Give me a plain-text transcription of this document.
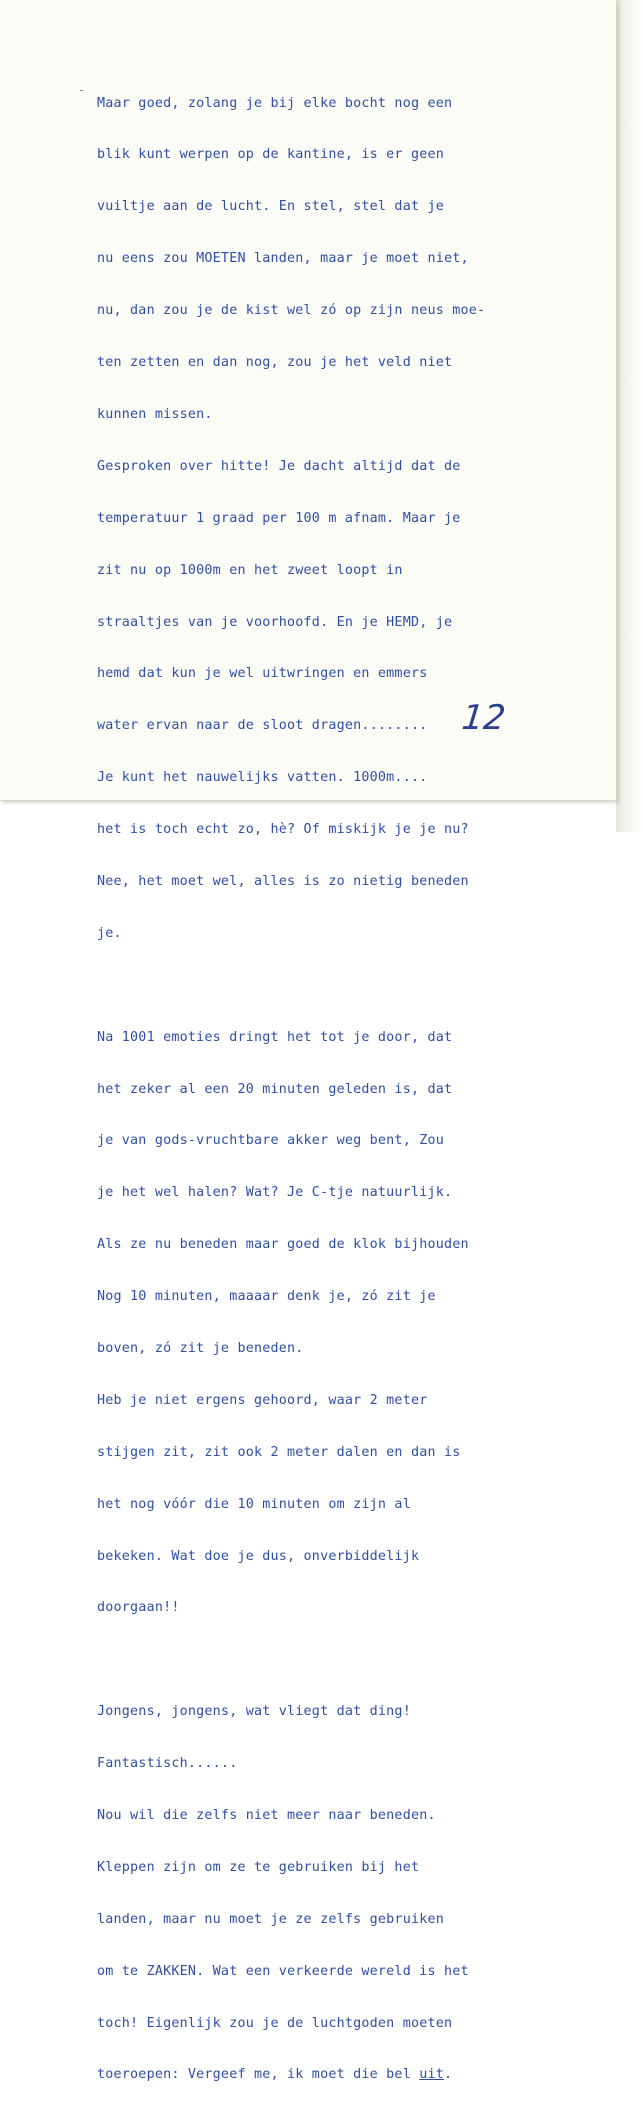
-

Maar goed, zolang je bij elke bocht nog een

blik kunt werpen op de kantine, is er geen

vuiltje aan de lucht. En stel, stel dat je

nu eens zou MOETEN landen, maar je moet niet,

nu, dan zou je de kist wel zó op zijn neus moe-

ten zetten en dan nog, zou je het veld niet

kunnen missen.

Gesproken over hitte! Je dacht altijd dat de

temperatuur 1 graad per 100 m afnam. Maar je

zit nu op 1000m en het zweet loopt in

straaltjes van je voorhoofd. En je HEMD, je

hemd dat kun je wel uitwringen en emmers

water ervan naar de sloot dragen........

Je kunt het nauwelijks vatten. 1000m....

het is toch echt zo, hè? Of miskijk je je nu?

Nee, het moet wel, alles is zo nietig beneden

je.

Na 1001 emoties dringt het tot je door, dat

het zeker al een 20 minuten geleden is, dat

je van gods-vruchtbare akker weg bent, Zou

je het wel halen? Wat? Je C-tje natuurlijk.

Als ze nu beneden maar goed de klok bijhouden

Nog 10 minuten, maaaar denk je, zó zit je

boven, zó zit je beneden.

Heb je niet ergens gehoord, waar 2 meter

stijgen zit, zit ook 2 meter dalen en dan is

het nog vóór die 10 minuten om zijn al

bekeken. Wat doe je dus, onverbiddelijk

doorgaan!!

Jongens, jongens, wat vliegt dat ding!

Fantastisch......

Nou wil die zelfs niet meer naar beneden.

Kleppen zijn om ze te gebruiken bij het

landen, maar nu moet je ze zelfs gebruiken

om te ZAKKEN. Wat een verkeerde wereld is het

toch! Eigenlijk zou je de luchtgoden moeten

toeroepen: Vergeef me, ik moet die bel uit.

12
